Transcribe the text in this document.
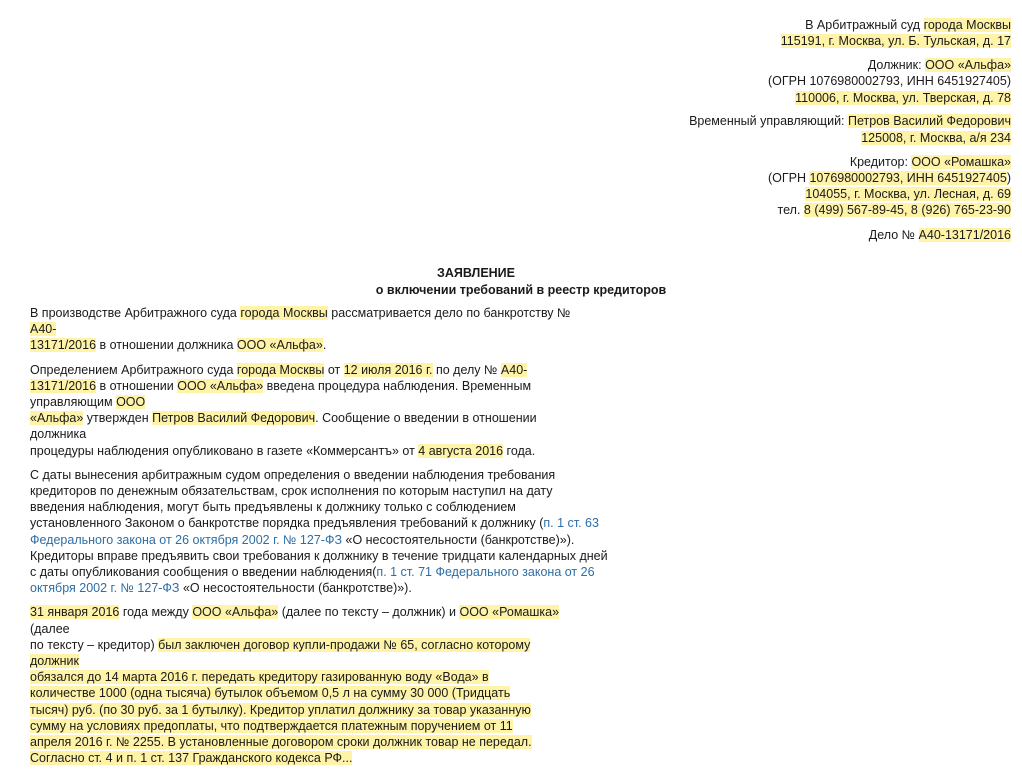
В Арбитражный суд города Москвы
115191, г. Москва, ул. Б. Тульская, д. 17
Должник: ООО «Альфа»
(ОГРН 1076980002793, ИНН 6451927405)
110006, г. Москва, ул. Тверская, д. 78
Временный управляющий: Петров Василий Федорович
125008, г. Москва, а/я 234
Кредитор: ООО «Ромашка»
(ОГРН 1076980002793, ИНН 6451927405)
104055, г. Москва, ул. Лесная, д. 69
тел. 8 (499) 567-89-45, 8 (926) 765-23-90
Дело № А40-13171/2016
ЗАЯВЛЕНИЕ
о включении требований в реестр кредиторов

В производстве Арбитражного суда города Москвы рассматривается дело по банкротству №
А40-
13171/2016 в отношении должника ООО «Альфа».

Определением Арбитражного суда города Москвы от 12 июля 2016 г. по делу № А40-
13171/2016 в отношении ООО «Альфа» введена процедура наблюдения. Временным
управляющим ООО
«Альфа» утвержден Петров Василий Федорович. Сообщение о введении в отношении
должника
процедуры наблюдения опубликовано в газете «Коммерсантъ» от 4 августа 2016 года.

С даты вынесения арбитражным судом определения о введении наблюдения требования
кредиторов по денежным обязательствам, срок исполнения по которым наступил на дату
введения наблюдения, могут быть предъявлены к должнику только с соблюдением
установленного Законом о банкротстве порядка предъявления требований к должнику (п. 1 ст. 63
Федерального закона от 26 октября 2002 г. № 127-ФЗ «О несостоятельности (банкротстве)»).
Кредиторы вправе предъявить свои требования к должнику в течение тридцати календарных дней
с даты опубликования сообщения о введении наблюдения(п. 1 ст. 71 Федерального закона от 26
октября 2002 г. № 127-ФЗ «О несостоятельности (банкротстве)»).

31 января 2016 года между ООО «Альфа» (далее по тексту – должник) и ООО «Ромашка»
(далее
по тексту – кредитор) был заключен договор купли-продажи № 65, согласно которому
должник
обязался до 14 марта 2016 г. передать кредитору газированную воду «Вода» в
количестве 1000 (одна тысяча) бутылок объемом 0,5 л на сумму 30 000 (Тридцать
тысяч) руб. (по 30 руб. за 1 бутылку). Кредитор уплатил должнику за товар указанную
сумму на условиях предоплаты, что подтверждается платежным поручением от 11
апреля 2016 г. № 2255. В установленные договором сроки должник товар не передал.
Согласно ст. 4 и п. 1 ст. 137 Гражданского кодекса РФ...
